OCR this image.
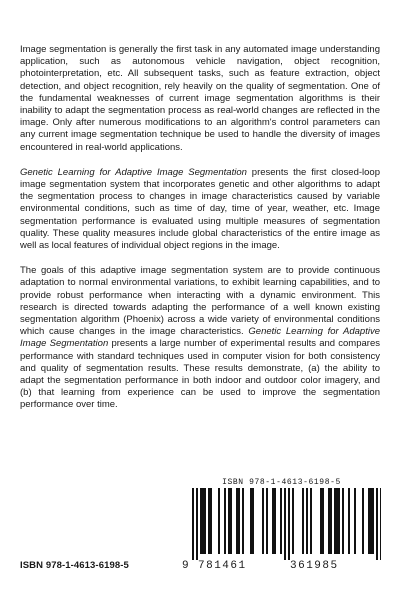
Image segmentation is generally the first task in any automated image understanding application, such as autonomous vehicle navigation, object recognition, photointerpretation, etc. All subsequent tasks, such as feature extraction, object detection, and object recognition, rely heavily on the quality of segmentation. One of the fundamental weaknesses of current image segmentation algorithms is their inability to adapt the segmentation process as real-world changes are reflected in the image. Only after numerous modifications to an algorithm's control parameters can any current image segmentation technique be used to handle the diversity of images encountered in real-world applications.

Genetic Learning for Adaptive Image Segmentation presents the first closed-loop image segmentation system that incorporates genetic and other algorithms to adapt the segmentation process to changes in image characteristics caused by variable environmental conditions, such as time of day, time of year, weather, etc. Image segmentation performance is evaluated using multiple measures of segmentation quality. These quality measures include global characteristics of the entire image as well as local features of individual object regions in the image.

The goals of this adaptive image segmentation system are to provide continuous adaptation to normal environmental variations, to exhibit learning capabilities, and to provide robust performance when interacting with a dynamic environment. This research is directed towards adapting the performance of a well known existing segmentation algorithm (Phoenix) across a wide variety of environmental conditions which cause changes in the image characteristics. Genetic Learning for Adaptive Image Segmentation presents a large number of experimental results and compares performance with standard techniques used in computer vision for both consistency and quality of segmentation results. These results demonstrate, (a) the ability to adapt the segmentation performance in both indoor and outdoor color imagery, and (b) that learning from experience can be used to improve the segmentation performance over time.

ISBN 978-1-4613-6198-5
ISBN 978-1-4613-6198-5
9 781461	361985
